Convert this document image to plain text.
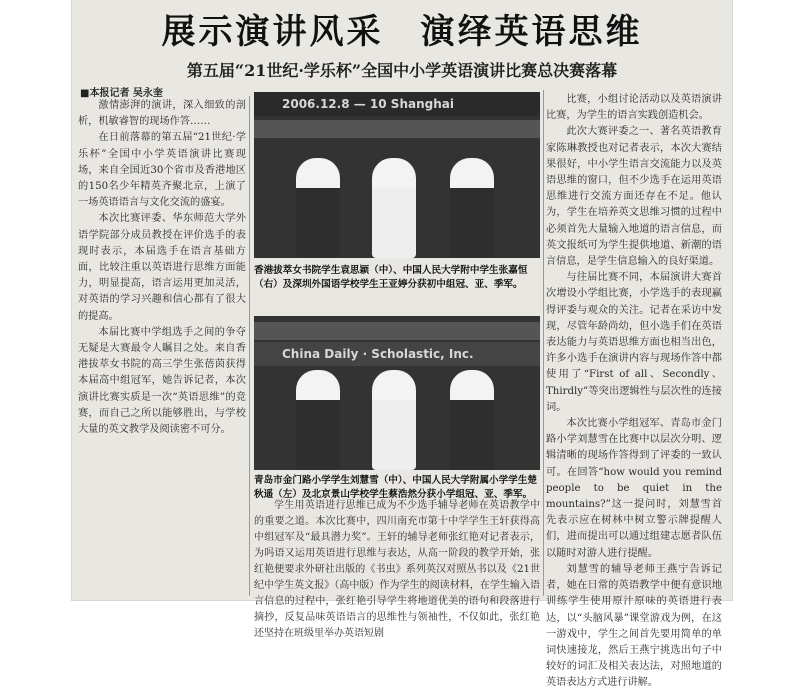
展示演讲风采　演绎英语思维
第五届“21世纪·学乐杯”全国中小学英语演讲比赛总决赛落幕
■本报记者 吴永奎

激情澎湃的演讲，深入细致的剖析，机敏睿智的现场作答……

在日前落幕的第五届“21世纪·学乐杯”全国中小学英语演讲比赛现场，来自全国近30个省市及香港地区的150名少年精英齐聚北京，上演了一场英语语言与文化交流的盛宴。

本次比赛评委、华东师范大学外语学院部分成员教授在评价选手的表现时表示，本届选手在语言基础方面，比较注重以英语进行思维方面能力，明显提高，语言运用更加灵活，对英语的学习兴趣和信心都有了很大的提高。

本届比赛中学组选手之间的争夺无疑是大赛最令人瞩目之处。来自香港拔萃女书院的高三学生张蓓茵获得本届高中组冠军，她告诉记者，本次演讲比赛实质是一次“英语思维”的竞赛，而自己之所以能够胜出，与学校大量的英文教学及阅读密不可分。

2006.12.8 — 10 Shanghai
香港拔萃女书院学生袁思颖（中）、中国人民大学附中学生张嘉恒（右）及深圳外国语学校学生王亚婷分获初中组冠、亚、季军。
China Daily · Scholastic, Inc.
青岛市金门路小学学生刘慧雪（中）、中国人民大学附属小学学生楚秋遥（左）及北京景山学校学生蔡浩然分获小学组冠、亚、季军。

学生用英语进行思维已成为不少选手辅导老师在英语教学中的重要之道。本次比赛中，四川南充市第十中学学生王轩获得高中组冠军及“最具潜力奖”。王轩的辅导老师张红艳对记者表示，为吗语又运用英语进行思维与表达，从高一阶段的教学开始，张红艳便要求外研社出版的《书虫》系列英汉对照丛书以及《21世纪中学生英文报》（高中版）作为学生的阅读材料，在学生输入语言信息的过程中，张红艳引导学生将地道优美的语句和段落进行摘抄，反复品味英语语言的思维性与领袖性，不仅如此，张红艳还坚持在班级里举办英语短剧

比赛，小组讨论活动以及英语演讲比赛，为学生的语言实践创造机会。

此次大赛评委之一、著名英语教育家陈琳教授也对记者表示，本次大赛结果很好，中小学生语言交流能力以及英语思维的窗口，但不少选手在运用英语思维进行交流方面还存在不足。他认为，学生在培养英文思维习惯的过程中必须首先大量输入地道的语言信息，而英文报纸可为学生提供地道、新潮的语言信息，是学生信息输入的良好渠道。

与往届比赛不同，本届演讲大赛首次增设小学组比赛，小学选手的表现赢得评委与观众的关注。记者在采访中发现，尽管年龄尚幼，但小选手们在英语表达能力与英语思维方面也相当出色，许多小选手在演讲内容与现场作答中都使用了“First of all、Secondly、Thirdly”等突出逻辑性与层次性的连接词。

本次比赛小学组冠军、青岛市金门路小学刘慧雪在比赛中以层次分明、逻辑清晰的现场作答得到了评委的一致认可。在回答“how would you remind people to be quiet in the mountains?”这一提问时，刘慧雪首先表示应在树林中树立警示牌提醒人们，进而提出可以通过组建志愿者队伍以随时对游人进行提醒。

刘慧雪的辅导老师王燕宁告诉记者，她在日常的英语教学中便有意识地训练学生使用原汁原味的英语进行表达，以“头脑风暴”课堂游戏为例，在这一游戏中，学生之间首先要用简单的单词快速接龙，然后王燕宁挑选出句子中较好的词汇及相关表达法，对照地道的英语表达方式进行讲解。
